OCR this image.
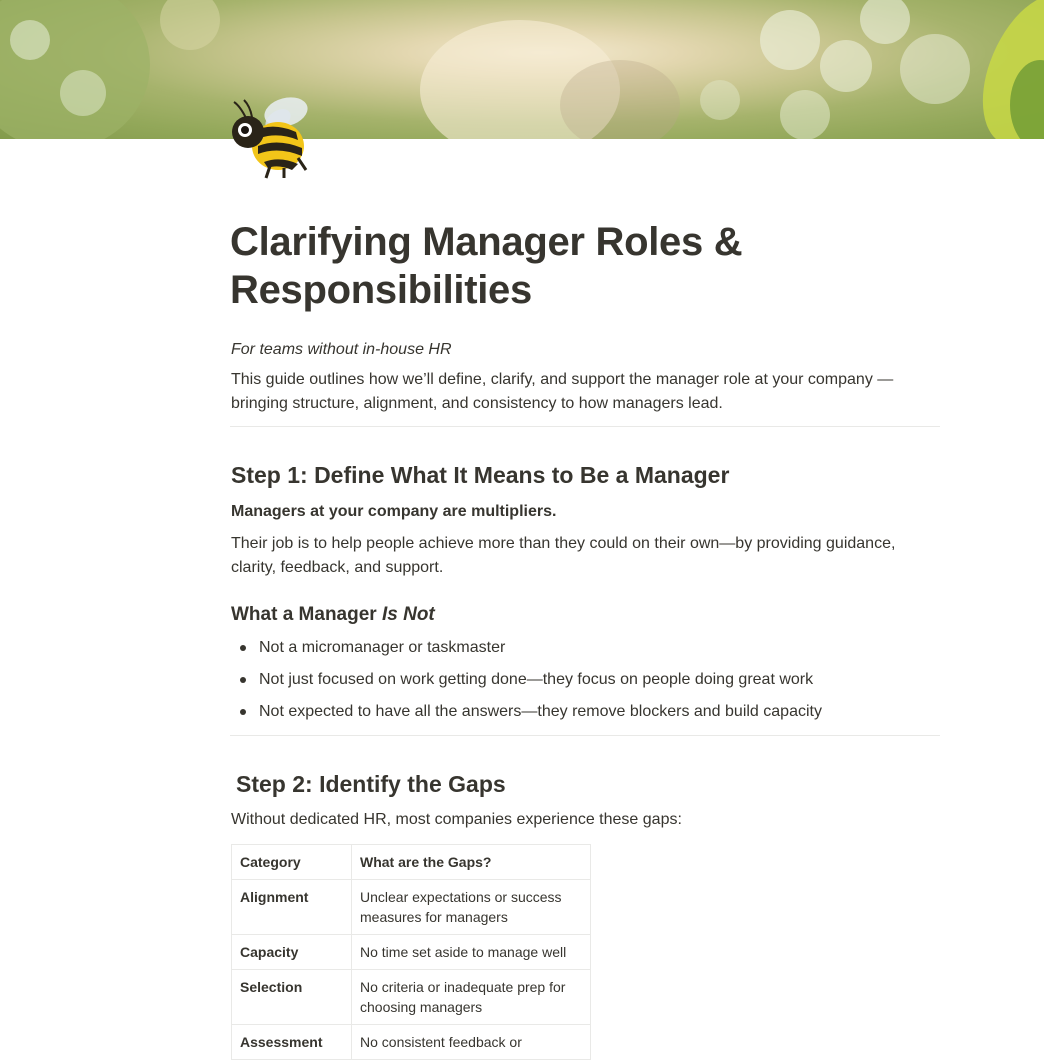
Clarifying Manager Roles & Responsibilities

For teams without in-house HR

This guide outlines how we’ll define, clarify, and support the manager role at your company — bringing structure, alignment, and consistency to how managers lead.

Step 1: Define What It Means to Be a Manager

Managers at your company are multipliers.

Their job is to help people achieve more than they could on their own—by providing guidance, clarity, feedback, and support.

What a Manager Is Not
Not a micromanager or taskmaster
Not just focused on work getting done—they focus on people doing great work
Not expected to have all the answers—they remove blockers and build capacity
Step 2: Identify the Gaps

Without dedicated HR, most companies experience these gaps:

Category	What are the Gaps?
Alignment	Unclear expectations or success measures for managers
Capacity	No time set aside to manage well
Selection	No criteria or inadequate prep for choosing managers
Assessment	No consistent feedback or
